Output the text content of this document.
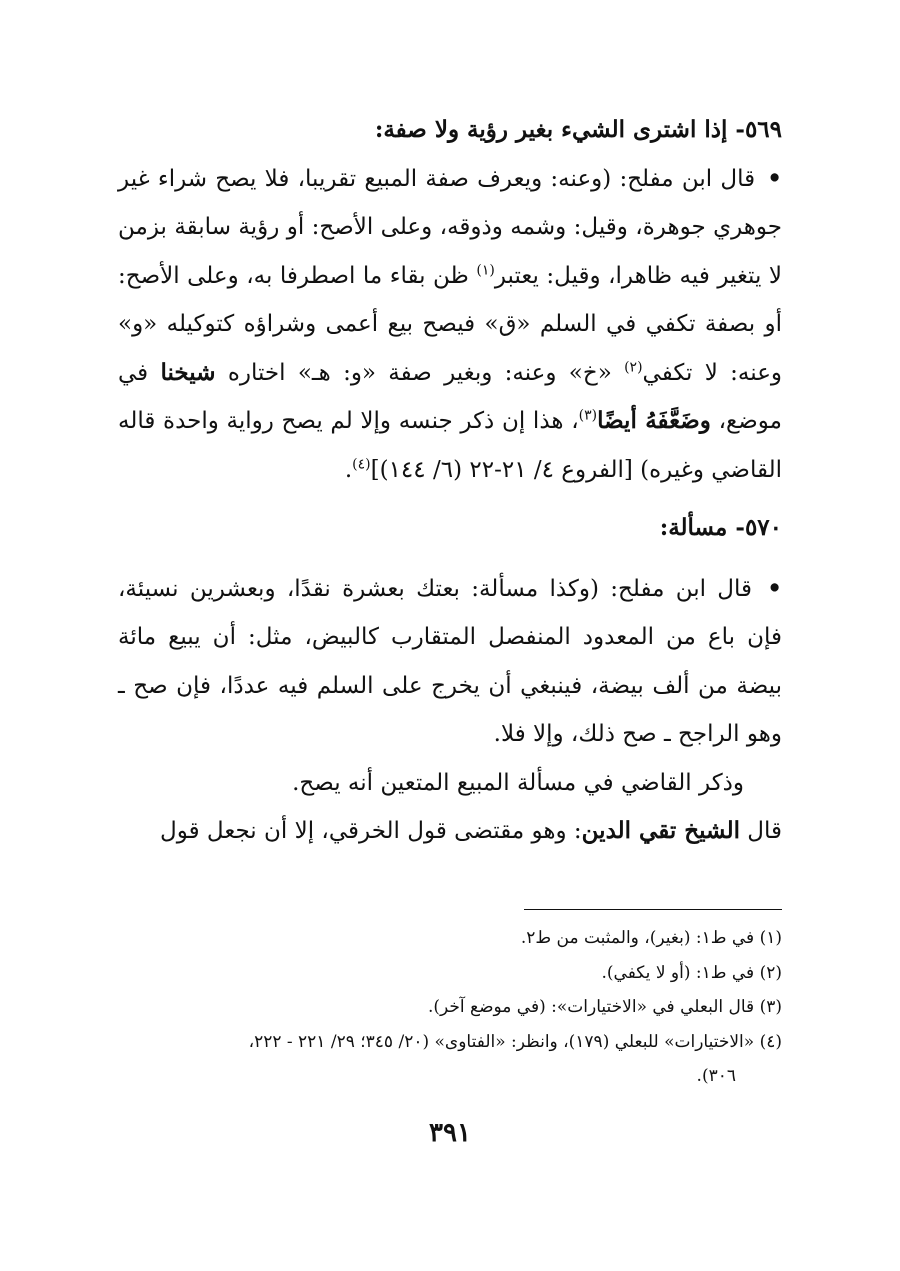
٥٦٩- إذا اشترى الشيء بغير رؤية ولا صفة:
• قال ابن مفلح: (وعنه: ويعرف صفة المبيع تقريبا، فلا يصح شراء غير جوهري جوهرة، وقيل: وشمه وذوقه، وعلى الأصح: أو رؤية سابقة بزمن لا يتغير فيه ظاهرا، وقيل: يعتبر$^{(١)}$ ظن بقاء ما اصطرفا به، وعلى الأصح: أو بصفة تكفي في السلم «ق» فيصح بيع أعمى وشراؤه كتوكيله «و» وعنه: لا تكفي$^{(٢)}$ «خ» وعنه: وبغير صفة «و: هـ» اختاره شيخنا في موضع، وضَعَّفَهُ أيضًا$^{(٣)}$، هذا إن ذكر جنسه وإلا لم يصح رواية واحدة قاله القاضي وغيره) [الفروع ٤/ ٢١-٢٢ (٦/ ١٤٤)]$^{(٤)}$.
٥٧٠- مسألة:
• قال ابن مفلح: (وكذا مسألة: بعتك بعشرة نقدًا، وبعشرين نسيئة، فإن باع من المعدود المنفصل المتقارب كالبيض، مثل: أن يبيع مائة بيضة من ألف بيضة، فينبغي أن يخرج على السلم فيه عددًا، فإن صح ـ وهو الراجح ـ صح ذلك، وإلا فلا.
وذكر القاضي في مسألة المبيع المتعين أنه يصح.
قال الشيخ تقي الدين: وهو مقتضى قول الخرقي، إلا أن نجعل قول
(١) في ط١: (بغير)، والمثبت من ط٢.
(٢) في ط١: (أو لا يكفي).
(٣) قال البعلي في «الاختيارات»: (في موضع آخر).
(٤) «الاختيارات» للبعلي (١٧٩)، وانظر: «الفتاوى» (٢٠/ ٣٤٥؛ ٢٩/ ٢٢١ - ٢٢٢،
٣٠٦).
٣٩١
